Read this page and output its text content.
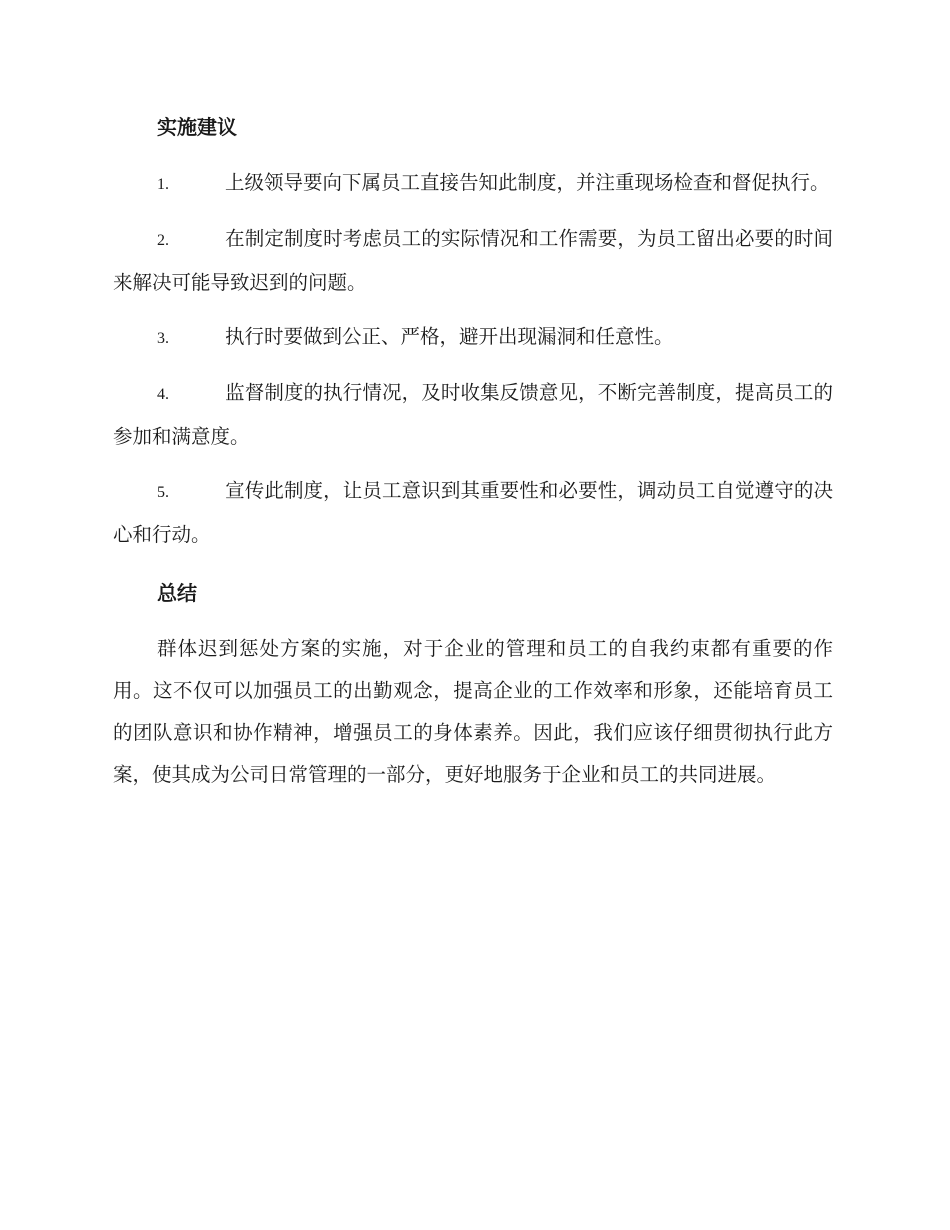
实施建议

1.	上级领导要向下属员工直接告知此制度，并注重现场检查和督促执行。

2.	在制定制度时考虑员工的实际情况和工作需要，为员工留出必要的时间来解决可能导致迟到的问题。

3.	执行时要做到公正、严格，避开出现漏洞和任意性。

4.	监督制度的执行情况，及时收集反馈意见，不断完善制度，提高员工的参加和满意度。

5.	宣传此制度，让员工意识到其重要性和必要性，调动员工自觉遵守的决心和行动。

总结

群体迟到惩处方案的实施，对于企业的管理和员工的自我约束都有重要的作用。这不仅可以加强员工的出勤观念，提高企业的工作效率和形象，还能培育员工的团队意识和协作精神，增强员工的身体素养。因此，我们应该仔细贯彻执行此方案，使其成为公司日常管理的一部分，更好地服务于企业和员工的共同进展。
